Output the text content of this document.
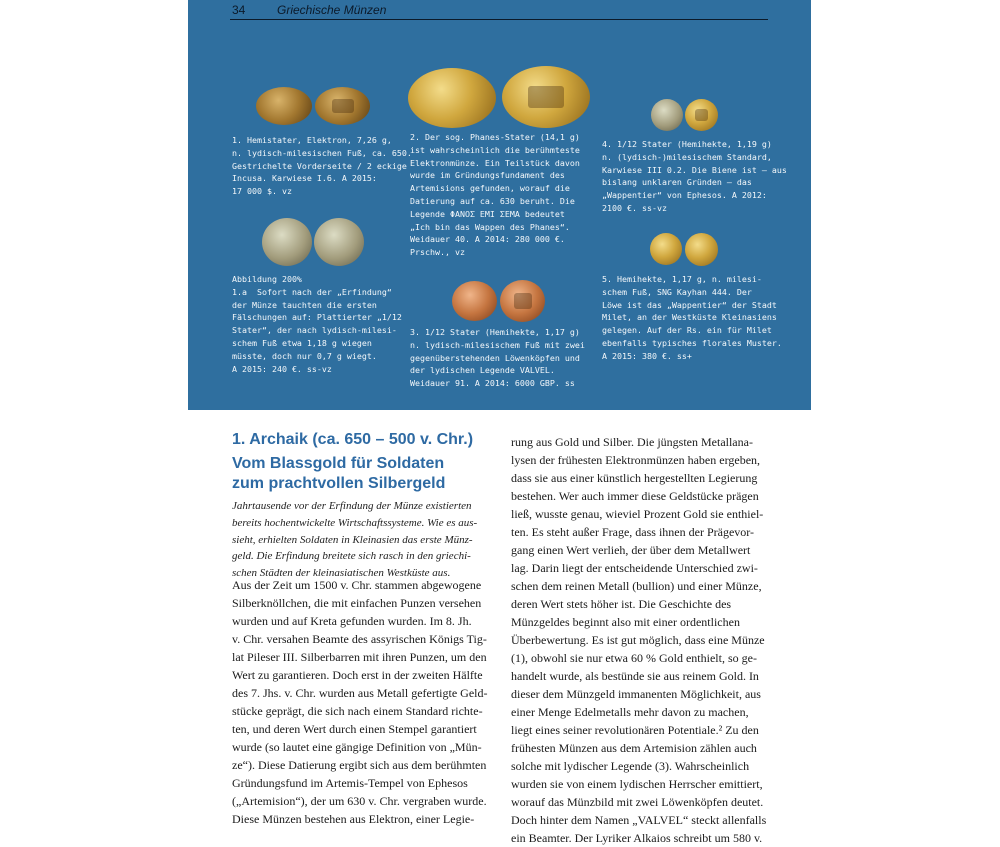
34	Griechische Münzen
1. Hemistater, Elektron, 7,26 g,
n. lydisch-milesischen Fuß, ca. 650.
Gestrichelte Vorderseite / 2 eckige
Incusa. Karwiese I.6. A 2015:
17 000 $. vz
2. Der sog. Phanes-Stater (14,1 g)
ist wahrscheinlich die berühmteste
Elektronmünze. Ein Teilstück davon
wurde im Gründungsfundament des
Artemisions gefunden, worauf die
Datierung auf ca. 630 beruht. Die
Legende ΦΑΝΟΣ ΕΜΙ ΣΕΜΑ bedeutet
„Ich bin das Wappen des Phanes“.
Weidauer 40. A 2014: 280 000 €.
Prschw., vz
4. 1/12 Stater (Hemihekte, 1,19 g)
n. (lydisch-)milesischem Standard,
Karwiese III 0.2. Die Biene ist – aus
bislang unklaren Gründen – das
„Wappentier“ von Ephesos. A 2012:
2100 €. ss-vz
Abbildung 200%
1.a  Sofort nach der „Erfindung“
der Münze tauchten die ersten
Fälschungen auf: Plattierter „1/12
Stater“, der nach lydisch-milesi-
schem Fuß etwa 1,18 g wiegen
müsste, doch nur 0,7 g wiegt.
A 2015: 240 €. ss-vz
3. 1/12 Stater (Hemihekte, 1,17 g)
n. lydisch-milesischem Fuß mit zwei
gegenüberstehenden Löwenköpfen und
der lydischen Legende VALVEL.
Weidauer 91. A 2014: 6000 GBP. ss
5. Hemihekte, 1,17 g, n. milesi-
schem Fuß, SNG Kayhan 444. Der
Löwe ist das „Wappentier“ der Stadt
Milet, an der Westküste Kleinasiens
gelegen. Auf der Rs. ein für Milet
ebenfalls typisches florales Muster.
A 2015: 380 €. ss+
1. Archaik (ca. 650 – 500 v. Chr.)
Vom Blassgold für Soldaten
zum prachtvollen Silbergeld
Jahrtausende vor der Erfindung der Münze existierten
bereits hochentwickelte Wirtschaftssysteme. Wie es aus-
sieht, erhielten Soldaten in Kleinasien das erste Münz-
geld. Die Erfindung breitete sich rasch in den griechi-
schen Städten der kleinasiatischen Westküste aus.
Aus der Zeit um 1500 v. Chr. stammen abgewogene
Silberknöllchen, die mit einfachen Punzen versehen
wurden und auf Kreta gefunden wurden. Im 8. Jh.
v. Chr. versahen Beamte des assyrischen Königs Tig-
lat Pileser III. Silberbarren mit ihren Punzen, um den
Wert zu garantieren. Doch erst in der zweiten Hälfte
des 7. Jhs. v. Chr. wurden aus Metall gefertigte Geld-
stücke geprägt, die sich nach einem Standard richte-
ten, und deren Wert durch einen Stempel garantiert
wurde (so lautet eine gängige Definition von „Mün-
ze“). Diese Datierung ergibt sich aus dem berühmten
Gründungsfund im Artemis-Tempel von Ephesos
(„Artemision“), der um 630 v. Chr. vergraben wurde.
Diese Münzen bestehen aus Elektron, einer Legie-
rung aus Gold und Silber. Die jüngsten Metallana-
lysen der frühesten Elektronmünzen haben ergeben,
dass sie aus einer künstlich hergestellten Legierung
bestehen. Wer auch immer diese Geldstücke prägen
ließ, wusste genau, wieviel Prozent Gold sie enthiel-
ten. Es steht außer Frage, dass ihnen der Prägevor-
gang einen Wert verlieh, der über dem Metallwert
lag. Darin liegt der entscheidende Unterschied zwi-
schen dem reinen Metall (bullion) und einer Münze,
deren Wert stets höher ist. Die Geschichte des
Münzgeldes beginnt also mit einer ordentlichen
Überbewertung. Es ist gut möglich, dass eine Münze
(1), obwohl sie nur etwa 60 % Gold enthielt, so ge-
handelt wurde, als bestünde sie aus reinem Gold. In
dieser dem Münzgeld immanenten Möglichkeit, aus
einer Menge Edelmetalls mehr davon zu machen,
liegt eines seiner revolutionären Potentiale.² Zu den
frühesten Münzen aus dem Artemision zählen auch
solche mit lydischer Legende (3). Wahrscheinlich
wurden sie von einem lydischen Herrscher emittiert,
worauf das Münzbild mit zwei Löwenköpfen deutet.
Doch hinter dem Namen „VALVEL“ steckt allenfalls
ein Beamter. Der Lyriker Alkaios schreibt um 580 v.
